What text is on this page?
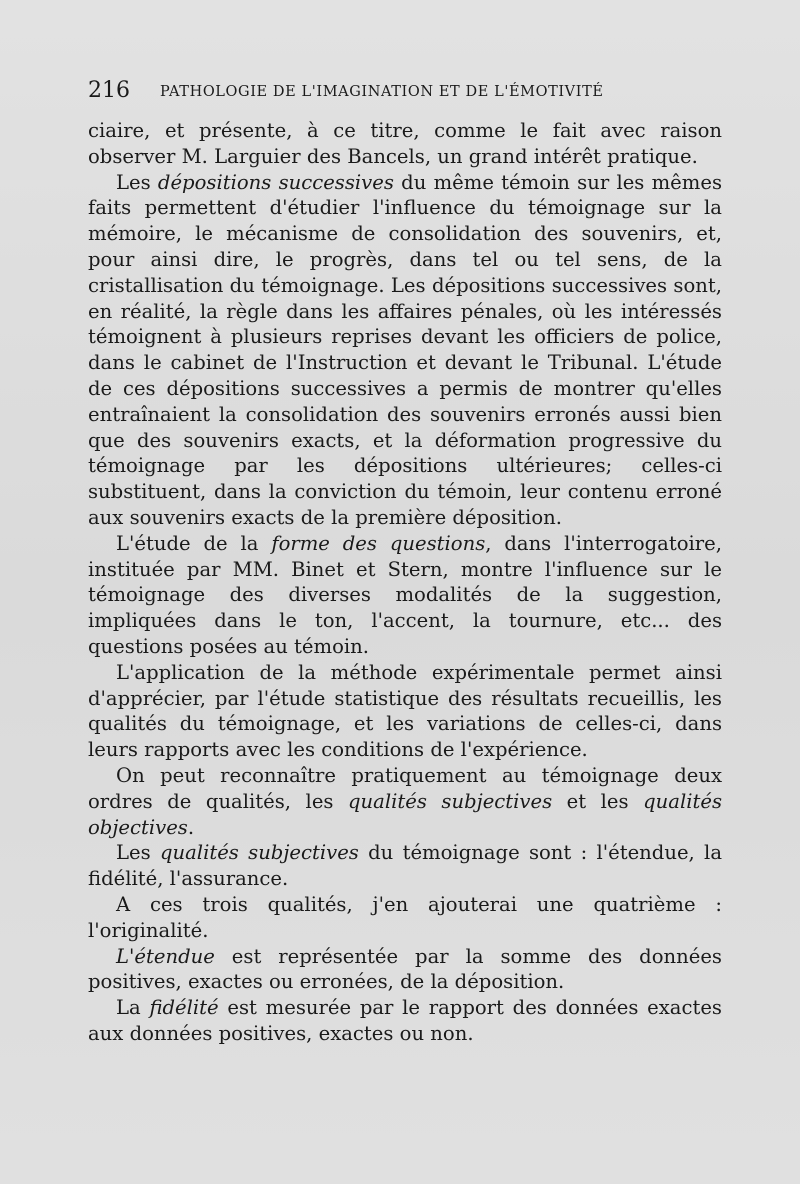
216 PATHOLOGIE DE L'IMAGINATION ET DE L'ÉMOTIVITÉ

ciaire, et présente, à ce titre, comme le fait avec raison observer M. Larguier des Bancels, un grand intérêt pratique.

Les dépositions successives du même témoin sur les mêmes faits permettent d'étudier l'influence du témoignage sur la mémoire, le mécanisme de consolidation des souvenirs, et, pour ainsi dire, le progrès, dans tel ou tel sens, de la cristallisation du témoignage. Les dépositions successives sont, en réalité, la règle dans les affaires pénales, où les intéressés témoignent à plusieurs reprises devant les officiers de police, dans le cabinet de l'Instruction et devant le Tribunal. L'étude de ces dépositions successives a permis de montrer qu'elles entraînaient la consolidation des souvenirs erronés aussi bien que des souvenirs exacts, et la déformation progressive du témoignage par les dépositions ultérieures; celles-ci substituent, dans la conviction du témoin, leur contenu erroné aux souvenirs exacts de la première déposition.

L'étude de la forme des questions, dans l'interrogatoire, instituée par MM. Binet et Stern, montre l'influence sur le témoignage des diverses modalités de la suggestion, impliquées dans le ton, l'accent, la tournure, etc... des questions posées au témoin.

L'application de la méthode expérimentale permet ainsi d'apprécier, par l'étude statistique des résultats recueillis, les qualités du témoignage, et les variations de celles-ci, dans leurs rapports avec les conditions de l'expérience.

On peut reconnaître pratiquement au témoignage deux ordres de qualités, les qualités subjectives et les qualités objectives.

Les qualités subjectives du témoignage sont : l'étendue, la fidélité, l'assurance.

A ces trois qualités, j'en ajouterai une quatrième : l'originalité.

L'étendue est représentée par la somme des données positives, exactes ou erronées, de la déposition.

La fidélité est mesurée par le rapport des données exactes aux données positives, exactes ou non.
